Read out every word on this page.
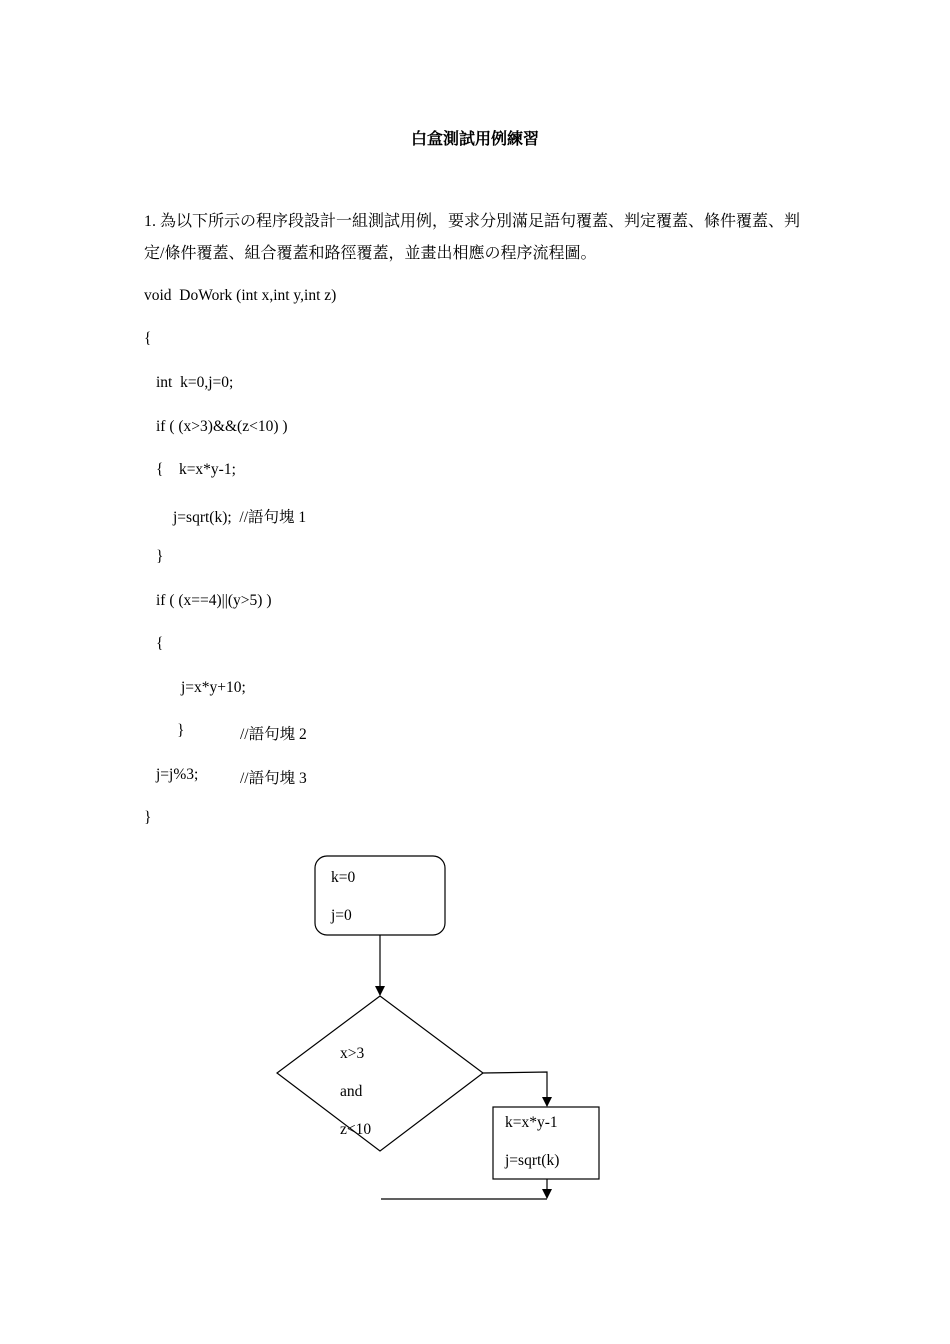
白盒測試用例練習
1. 為以下所示の程序段設計一組測試用例，要求分別滿足語句覆蓋、判定覆蓋、條件覆蓋、判
定/條件覆蓋、組合覆蓋和路徑覆蓋，並畫出相應の程序流程圖。
void  DoWork (int x,int y,int z)
{
int  k=0,j=0;
if ( (x>3)&&(z<10) )
{    k=x*y-1;
j=sqrt(k);  //語句塊 1
}
if ( (x==4)||(y>5) )
{
j=x*y+10;
}	//語句塊 2
j=j%3;	//語句塊 3
}
k=0
j=0
x>3
and
z<10	k=x*y-1
j=sqrt(k)
